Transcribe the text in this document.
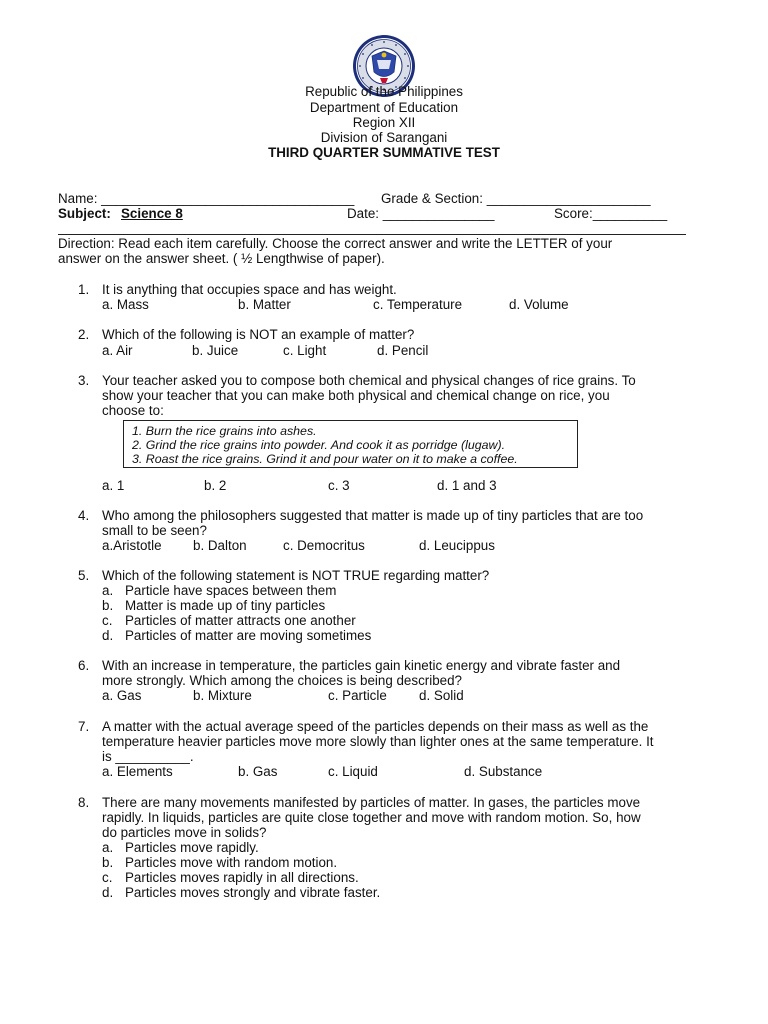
Republic of the Philippines
Department of Education
Region XII
Division of Sarangani
THIRD QUARTER SUMMATIVE TEST
Name: __________________________________ Grade & Section: ______________________
Subject: Science 8	Date: _______________	Score:__________
Direction: Read each item carefully. Choose the correct answer and write the LETTER of your
answer on the answer sheet. ( ½ Lengthwise of paper).
1. It is anything that occupies space and has weight.
a. Mass	b. Matter	c. Temperature	d. Volume
2. Which of the following is NOT an example of matter?
a. Air	b. Juice	c. Light	d. Pencil
3. Your teacher asked you to compose both chemical and physical changes of rice grains. To
show your teacher that you can make both physical and chemical change on rice, you
choose to:
1. Burn the rice grains into ashes.
2. Grind the rice grains into powder. And cook it as porridge (lugaw).
3. Roast the rice grains. Grind it and pour water on it to make a coffee.
a. 1	b. 2	c. 3	d. 1 and 3
4. Who among the philosophers suggested that matter is made up of tiny particles that are too
small to be seen?
a.Aristotle b. Dalton	c. Democritus	d. Leucippus
5. Which of the following statement is NOT TRUE regarding matter?
a. Particle have spaces between them
b. Matter is made up of tiny particles
c. Particles of matter attracts one another
d. Particles of matter are moving sometimes
6. With an increase in temperature, the particles gain kinetic energy and vibrate faster and
more strongly. Which among the choices is being described?
a. Gas	b. Mixture	c. Particle d. Solid
7. A matter with the actual average speed of the particles depends on their mass as well as the
temperature heavier particles move more slowly than lighter ones at the same temperature. It
is __________.
a. Elements	b. Gas	c. Liquid	d. Substance
8. There are many movements manifested by particles of matter. In gases, the particles move
rapidly. In liquids, particles are quite close together and move with random motion. So, how
do particles move in solids?
a. Particles move rapidly.
b. Particles move with random motion.
c. Particles moves rapidly in all directions.
d. Particles moves strongly and vibrate faster.
